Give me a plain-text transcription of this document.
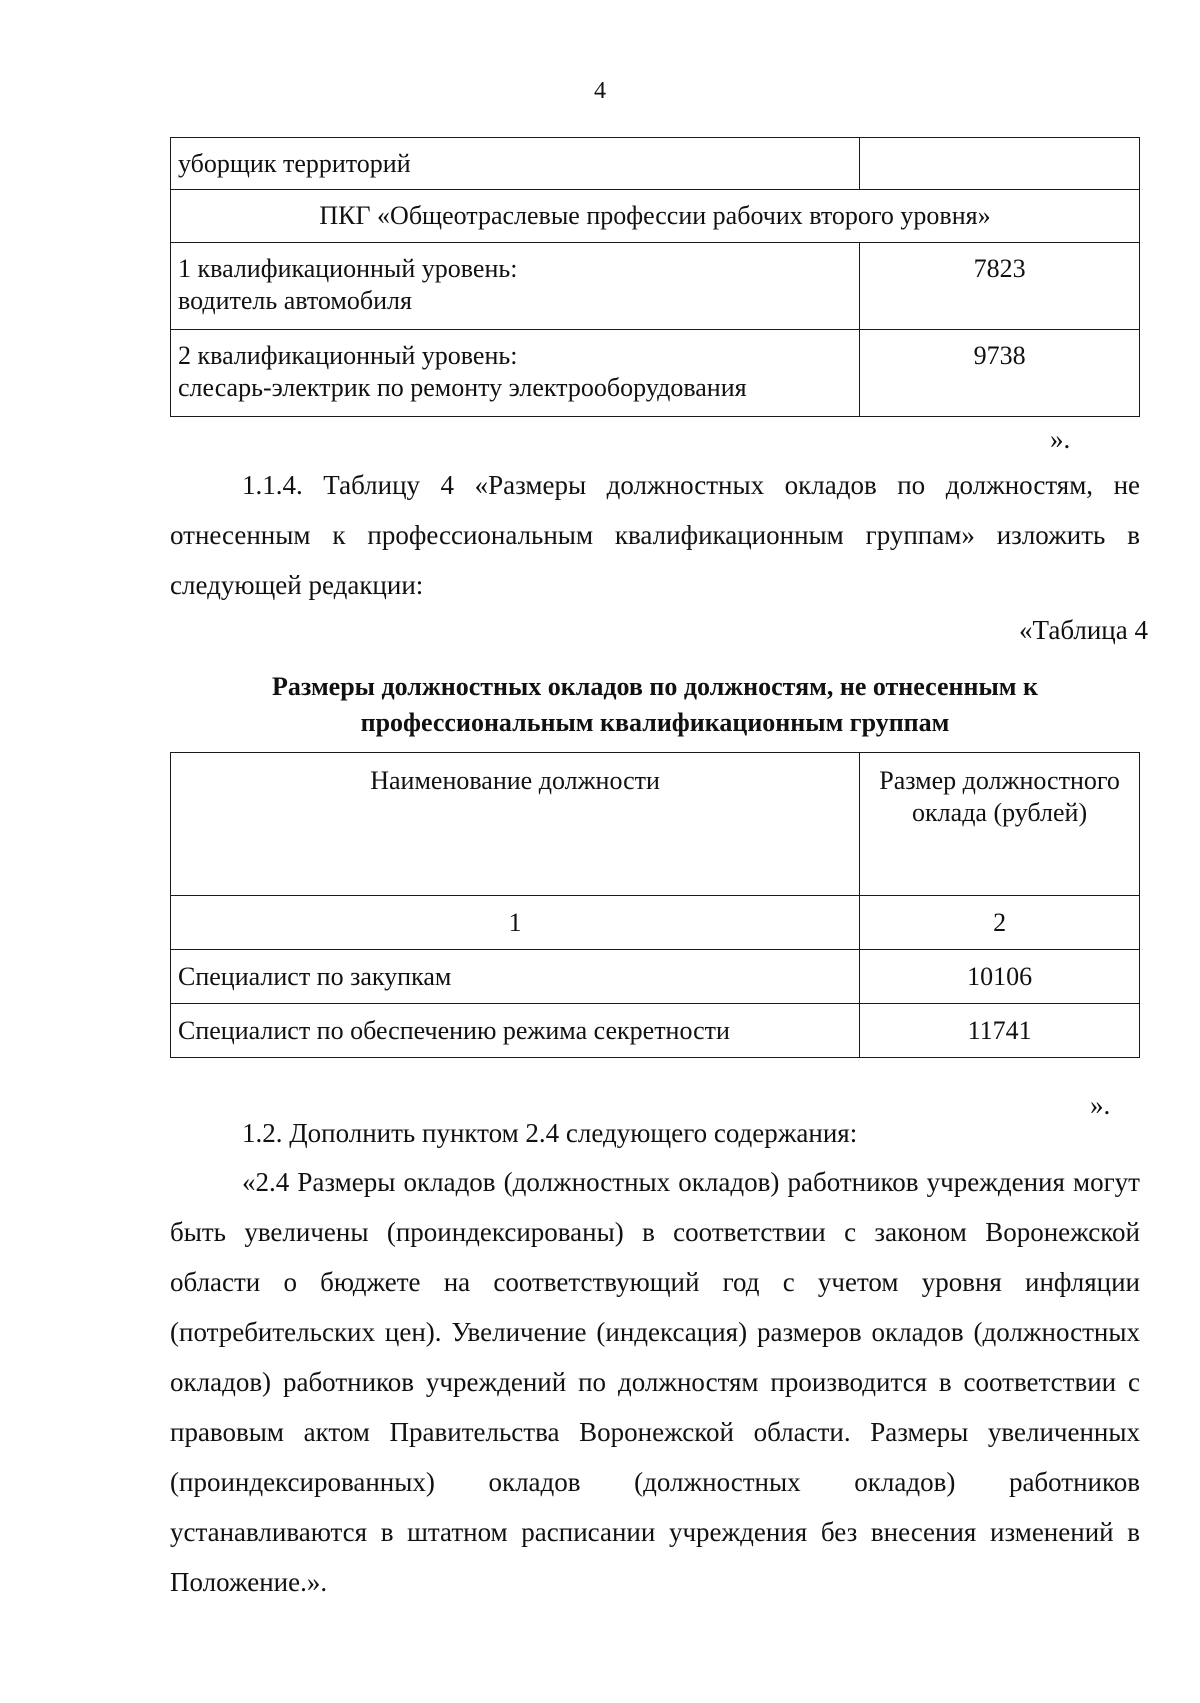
4
уборщик территорий	
ПКГ «Общеотраслевые профессии рабочих второго уровня»	

1 квалификационный уровень:
водитель автомобиля	7823

2 квалификационный уровень:
слесарь-электрик по ремонту электрооборудования	9738
».
1.1.4. Таблицу 4 «Размеры должностных окладов по должностям, не отнесенным к профессиональным квалификационным группам» изложить в следующей редакции:
«Таблица 4
Размеры должностных окладов по должностям, не отнесенным к
профессиональным квалификационным группам
Наименование должности	Размер должностного оклада (рублей)
1	2
Специалист по закупкам	10106
Специалист по обеспечению режима секретности	11741
».
1.2. Дополнить пунктом 2.4 следующего содержания:
«2.4 Размеры окладов (должностных окладов) работников учреждения могут быть увеличены (проиндексированы) в соответствии с законом Воронежской области о бюджете на соответствующий год с учетом уровня инфляции (потребительских цен). Увеличение (индексация) размеров окладов (должностных окладов) работников учреждений по должностям производится в соответствии с правовым актом Правительства Воронежской области. Размеры увеличенных (проиндексированных) окладов (должностных окладов) работников устанавливаются в штатном расписании учреждения без внесения изменений в Положение.».
